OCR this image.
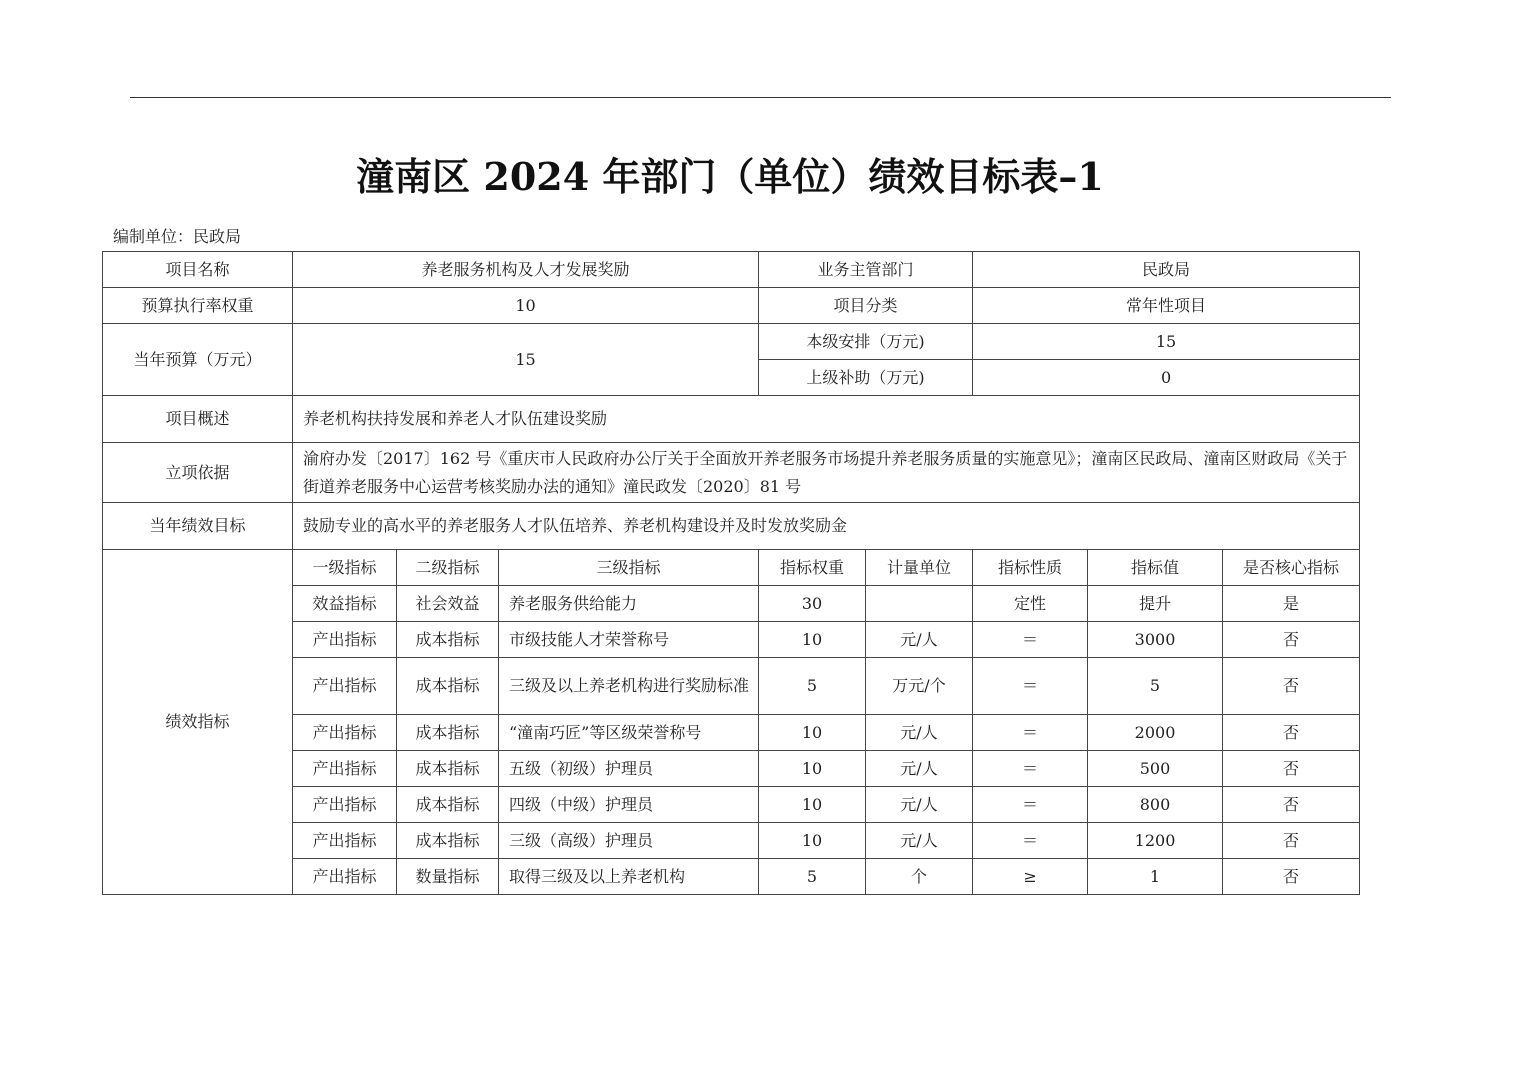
潼南区 2024 年部门（单位）绩效目标表–1
编制单位：民政局
项目名称	养老服务机构及人才发展奖励			业务主管部门		民政局		
预算执行率权重	10			项目分类		常年性项目		
当年预算（万元）	15			本级安排（万元)		15		
				上级补助（万元)		0		
项目概述	养老机构扶持发展和养老人才队伍建设奖励							
立项依据	渝府办发〔2017〕162 号《重庆市人民政府办公厅关于全面放开养老服务市场提升养老服务质量的实施意见》；潼南区民政局、潼南区财政局《关于街道养老服务中心运营考核奖励办法的通知》潼民政发〔2020〕81 号							
当年绩效目标	鼓励专业的高水平的养老服务人才队伍培养、养老机构建设并及时发放奖励金							
绩效指标	一级指标	二级指标	三级指标	指标权重	计量单位	指标性质	指标值	是否核心指标
	效益指标	社会效益	养老服务供给能力	30		定性	提升	是
	产出指标	成本指标	市级技能人才荣誉称号	10	元/人	＝	3000	否
	产出指标	成本指标	三级及以上养老机构进行奖励标准	5	万元/个	＝	5	否
	产出指标	成本指标	“潼南巧匠”等区级荣誉称号	10	元/人	＝	2000	否
	产出指标	成本指标	五级（初级）护理员	10	元/人	＝	500	否
	产出指标	成本指标	四级（中级）护理员	10	元/人	＝	800	否
	产出指标	成本指标	三级（高级）护理员	10	元/人	＝	1200	否
	产出指标	数量指标	取得三级及以上养老机构	5	个	≥	1	否
